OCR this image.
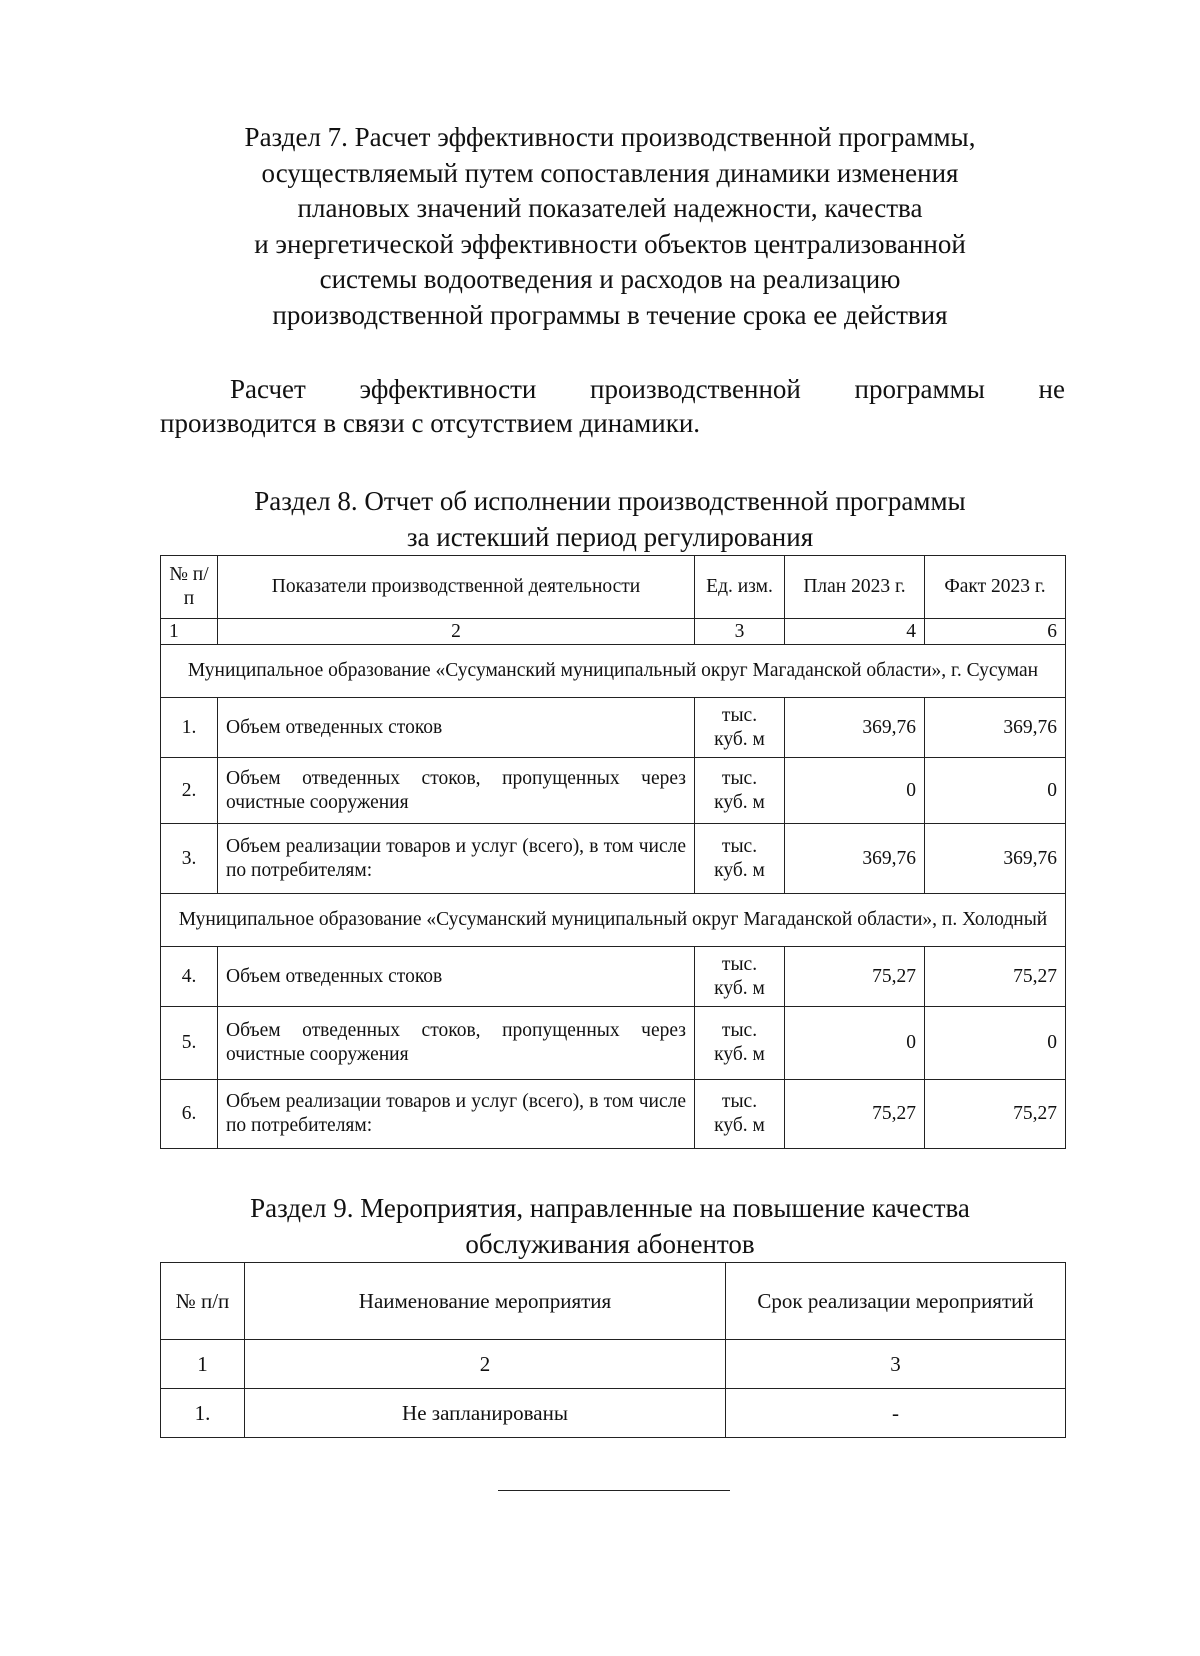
Раздел 7. Расчет эффективности производственной программы,
осуществляемый путем сопоставления динамики изменения
плановых значений показателей надежности, качества
и энергетической эффективности объектов централизованной
системы водоотведения и расходов на реализацию
производственной программы в течение срока ее действия
Расчет эффективности производственной программы не
производится в связи с отсутствием динамики.
Раздел 8. Отчет об исполнении производственной программы
за истекший период регулирования
№ п/п	Показатели производственной деятельности	Ед. изм.	План 2023 г.	Факт 2023 г.
1	2	3	4	6
Муниципальное образование «Сусуманский муниципальный округ Магаданской области», г. Сусуман				
1.	Объем отведенных стоков	тыс. куб. м	369,76	369,76
2.	Объем отведенных стоков, пропущенных через очистные сооружения	тыс. куб. м	0	0
3.	Объем реализации товаров и услуг (всего), в том числе по потребителям:	тыс. куб. м	369,76	369,76
Муниципальное образование «Сусуманский муниципальный округ Магаданской области», п. Холодный				
4.	Объем отведенных стоков	тыс. куб. м	75,27	75,27
5.	Объем отведенных стоков, пропущенных через очистные сооружения	тыс. куб. м	0	0
6.	Объем реализации товаров и услуг (всего), в том числе по потребителям:	тыс. куб. м	75,27	75,27
Раздел 9. Мероприятия, направленные на повышение качества
обслуживания абонентов
№ п/п	Наименование мероприятия	Срок реализации мероприятий
1	2	3
1.	Не запланированы	-
